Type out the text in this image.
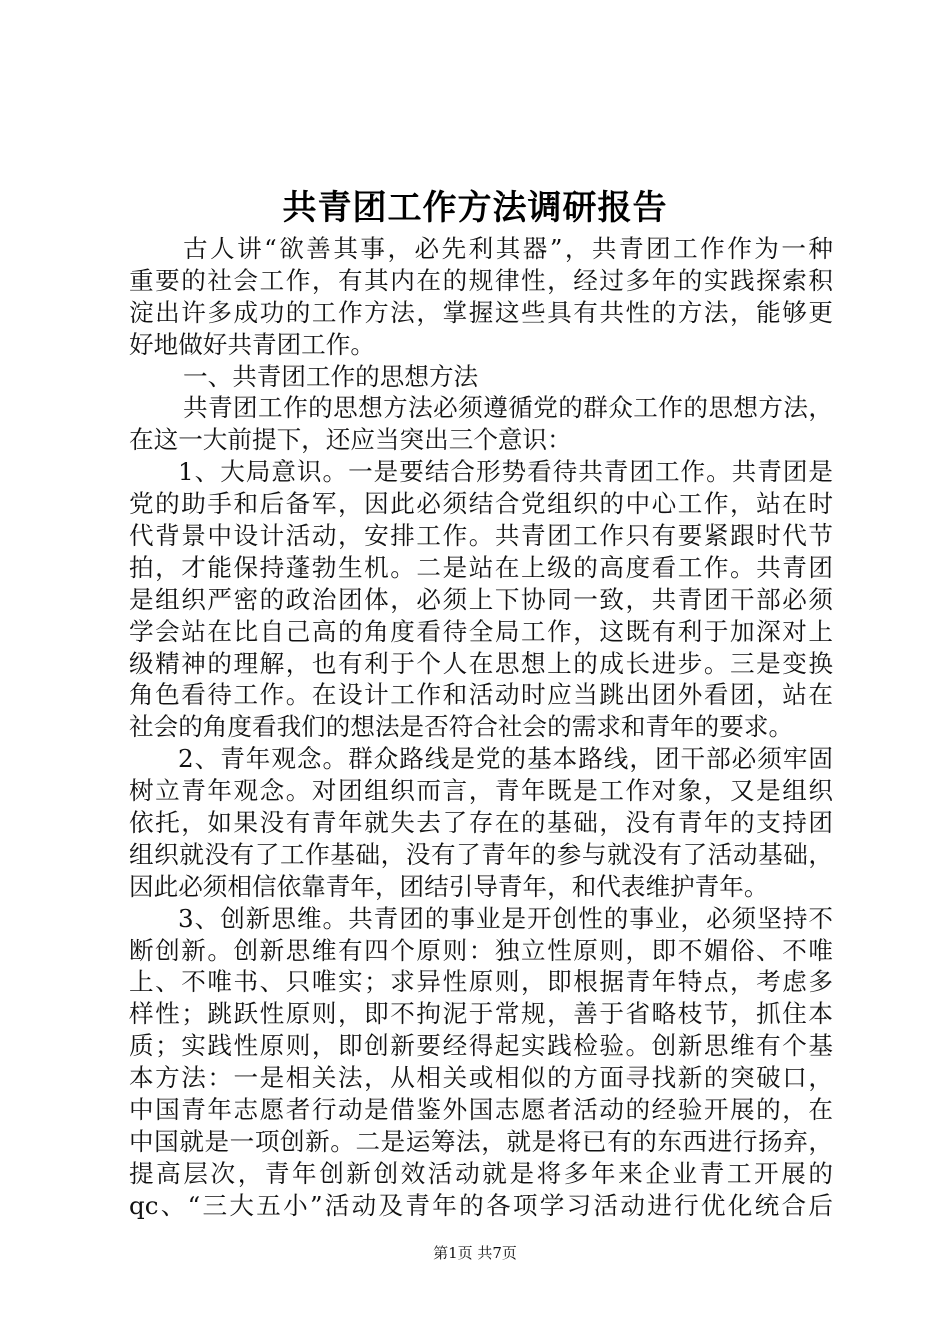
共青团工作方法调研报告
古人讲“欲善其事，必先利其器”，共青团工作作为一种
重要的社会工作，有其内在的规律性，经过多年的实践探索积
淀出许多成功的工作方法，掌握这些具有共性的方法，能够更
好地做好共青团工作。
一、共青团工作的思想方法
共青团工作的思想方法必须遵循党的群众工作的思想方法，
在这一大前提下，还应当突出三个意识：
1、大局意识。一是要结合形势看待共青团工作。共青团是
党的助手和后备军，因此必须结合党组织的中心工作，站在时
代背景中设计活动，安排工作。共青团工作只有要紧跟时代节
拍，才能保持蓬勃生机。二是站在上级的高度看工作。共青团
是组织严密的政治团体，必须上下协同一致，共青团干部必须
学会站在比自己高的角度看待全局工作，这既有利于加深对上
级精神的理解，也有利于个人在思想上的成长进步。三是变换
角色看待工作。在设计工作和活动时应当跳出团外看团，站在
社会的角度看我们的想法是否符合社会的需求和青年的要求。
2、青年观念。群众路线是党的基本路线，团干部必须牢固
树立青年观念。对团组织而言，青年既是工作对象，又是组织
依托，如果没有青年就失去了存在的基础，没有青年的支持团
组织就没有了工作基础，没有了青年的参与就没有了活动基础，
因此必须相信依靠青年，团结引导青年，和代表维护青年。
3、创新思维。共青团的事业是开创性的事业，必须坚持不
断创新。创新思维有四个原则：独立性原则，即不媚俗、不唯
上、不唯书、只唯实；求异性原则，即根据青年特点，考虑多
样性；跳跃性原则，即不拘泥于常规，善于省略枝节，抓住本
质；实践性原则，即创新要经得起实践检验。创新思维有个基
本方法：一是相关法，从相关或相似的方面寻找新的突破口，
中国青年志愿者行动是借鉴外国志愿者活动的经验开展的，在
中国就是一项创新。二是运筹法，就是将已有的东西进行扬弃，
提高层次，青年创新创效活动就是将多年来企业青工开展的
qc、“三大五小”活动及青年的各项学习活动进行优化统合后
第1页 共7页
